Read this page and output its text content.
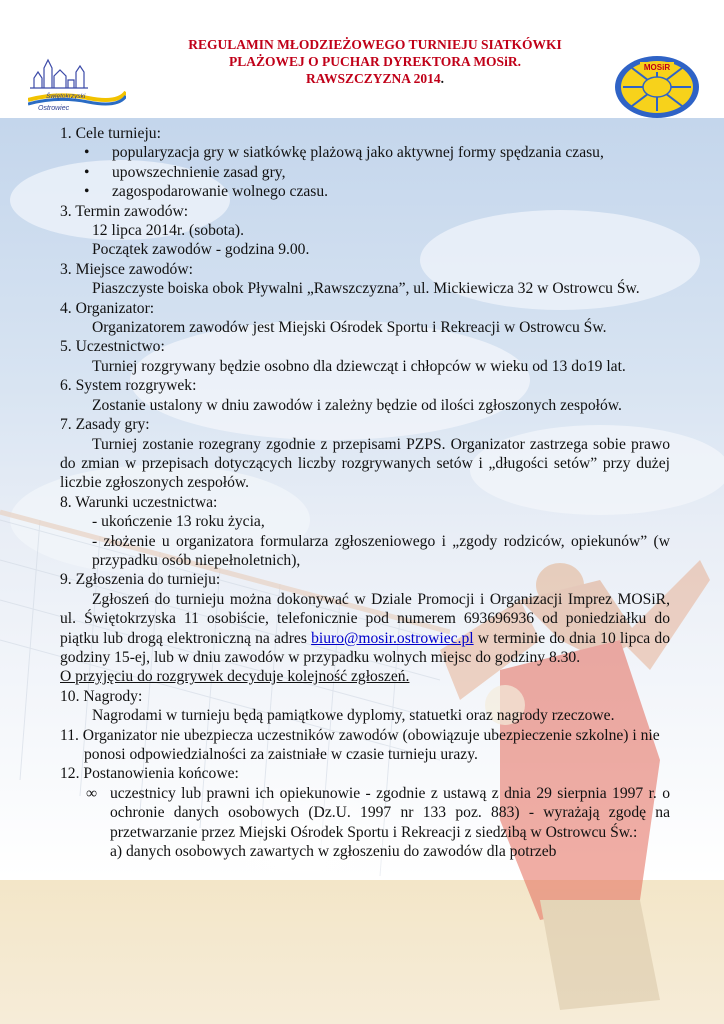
Ostrowiec
Świętokrzyski
REGULAMIN MŁODZIEŻOWEGO TURNIEJU SIATKÓWKI
PLAŻOWEJ O PUCHAR DYREKTORA MOSiR.
RAWSZCZYZNA 2014.
MOSiR

1. Cele turnieju:

•	popularyzacja gry w siatkówkę plażową jako aktywnej formy spędzania czasu,
•	upowszechnienie zasad gry,
•	zagospodarowanie wolnego czasu.

3. Termin zawodów:

12 lipca 2014r. (sobota).

Początek zawodów - godzina 9.00.

3. Miejsce zawodów:

Piaszczyste boiska obok Pływalni „Rawszczyzna”, ul. Mickiewicza 32 w Ostrowcu Św.

4. Organizator:

Organizatorem zawodów jest Miejski Ośrodek Sportu i Rekreacji w Ostrowcu Św.

5. Uczestnictwo:

Turniej rozgrywany będzie osobno dla dziewcząt i chłopców w wieku od 13 do19 lat.

6. System rozgrywek:

Zostanie ustalony w dniu zawodów i zależny będzie od ilości zgłoszonych zespołów.

7. Zasady gry:

Turniej zostanie rozegrany zgodnie z przepisami PZPS. Organizator zastrzega sobie prawo do zmian w przepisach dotyczących liczby rozgrywanych setów i „długości setów” przy dużej liczbie zgłoszonych zespołów.

8. Warunki uczestnictwa:

- ukończenie 13 roku życia,

- złożenie u organizatora formularza zgłoszeniowego i „zgody rodziców, opiekunów” (w przypadku osób niepełnoletnich),

9. Zgłoszenia do turnieju:

Zgłoszeń do turnieju można dokonywać w Dziale Promocji i Organizacji Imprez MOSiR, ul. Świętokrzyska 11 osobiście, telefonicznie pod numerem 693696936 od poniedziałku do piątku lub drogą elektroniczną na adres biuro@mosir.ostrowiec.pl w terminie do dnia 10 lipca do godziny 15-ej, lub w dniu zawodów w przypadku wolnych miejsc do godziny 8.30.

O przyjęciu do rozgrywek decyduje kolejność zgłoszeń.

10. Nagrody:

Nagrodami w turnieju będą pamiątkowe dyplomy, statuetki oraz nagrody rzeczowe.

11. Organizator nie ubezpiecza uczestników zawodów (obowiązuje ubezpieczenie szkolne) i nie ponosi odpowiedzialności za zaistniałe w czasie turnieju urazy.

12. Postanowienia końcowe:

∞ uczestnicy lub prawni ich opiekunowie - zgodnie z ustawą z dnia 29 sierpnia 1997 r. o ochronie danych osobowych (Dz.U. 1997 nr 133 poz. 883) - wyrażają zgodę na przetwarzanie przez Miejski Ośrodek Sportu i Rekreacji z siedzibą w Ostrowcu Św.:

a) danych osobowych zawartych w zgłoszeniu do zawodów dla potrzeb
